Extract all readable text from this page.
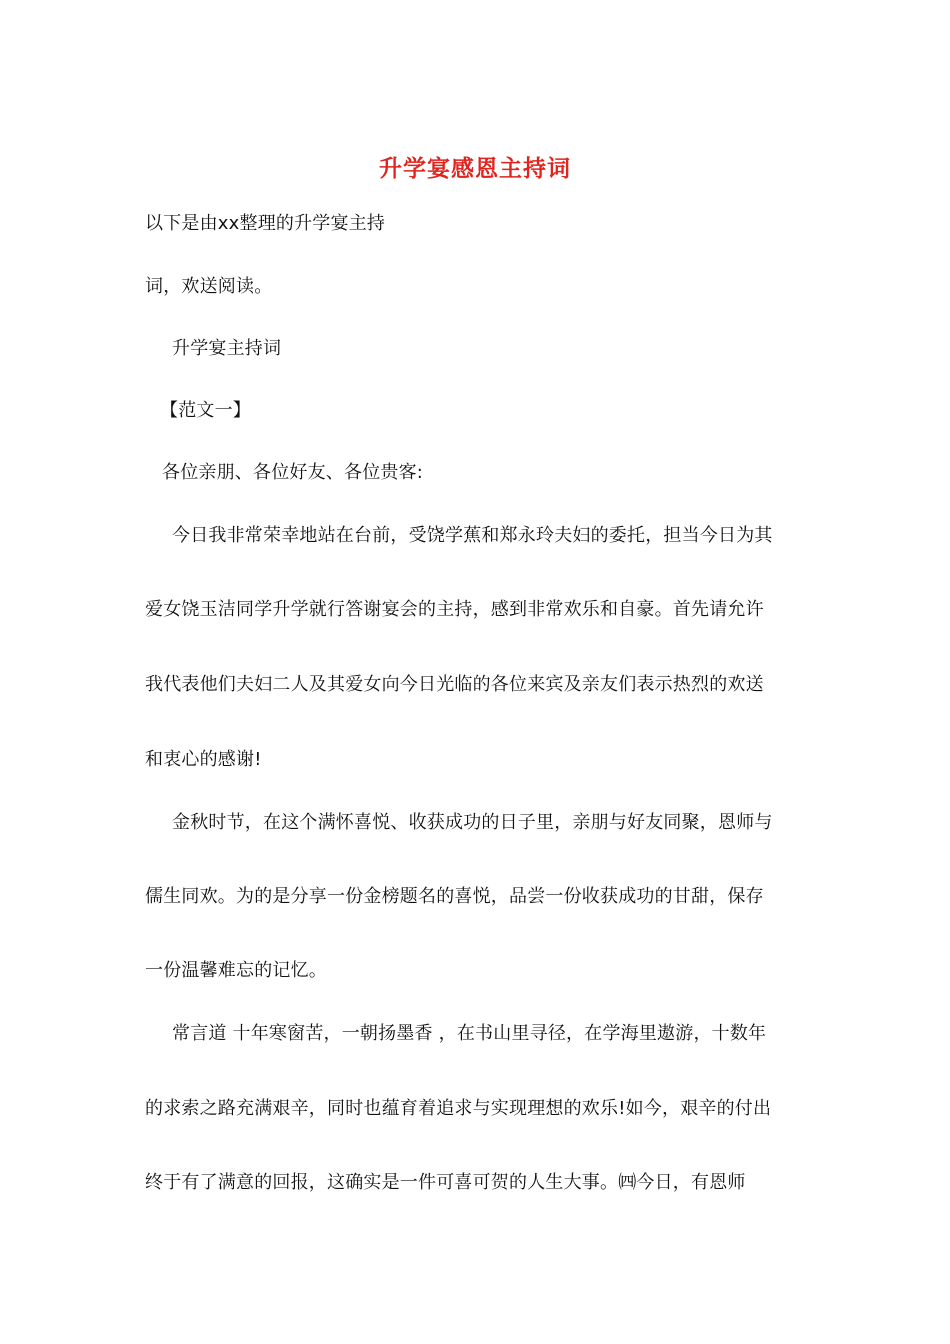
升学宴感恩主持词
以下是由xx整理的升学宴主持
词，欢送阅读。
升学宴主持词
【范文一】
各位亲朋、各位好友、各位贵客:
今日我非常荣幸地站在台前，受饶学蕉和郑永玲夫妇的委托，担当今日为其
爱女饶玉洁同学升学就行答谢宴会的主持，感到非常欢乐和自豪。首先请允许
我代表他们夫妇二人及其爱女向今日光临的各位来宾及亲友们表示热烈的欢送
和衷心的感谢!
金秋时节，在这个满怀喜悦、收获成功的日子里，亲朋与好友同聚，恩师与
儒生同欢。为的是分享一份金榜题名的喜悦，品尝一份收获成功的甘甜，保存
一份温馨难忘的记忆。
常言道 十年寒窗苦，一朝扬墨香 ，在书山里寻径，在学海里遨游，十数年
的求索之路充满艰辛，同时也蕴育着追求与实现理想的欢乐!如今，艰辛的付出
终于有了满意的回报，这确实是一件可喜可贺的人生大事。㈣今日，有恩师
